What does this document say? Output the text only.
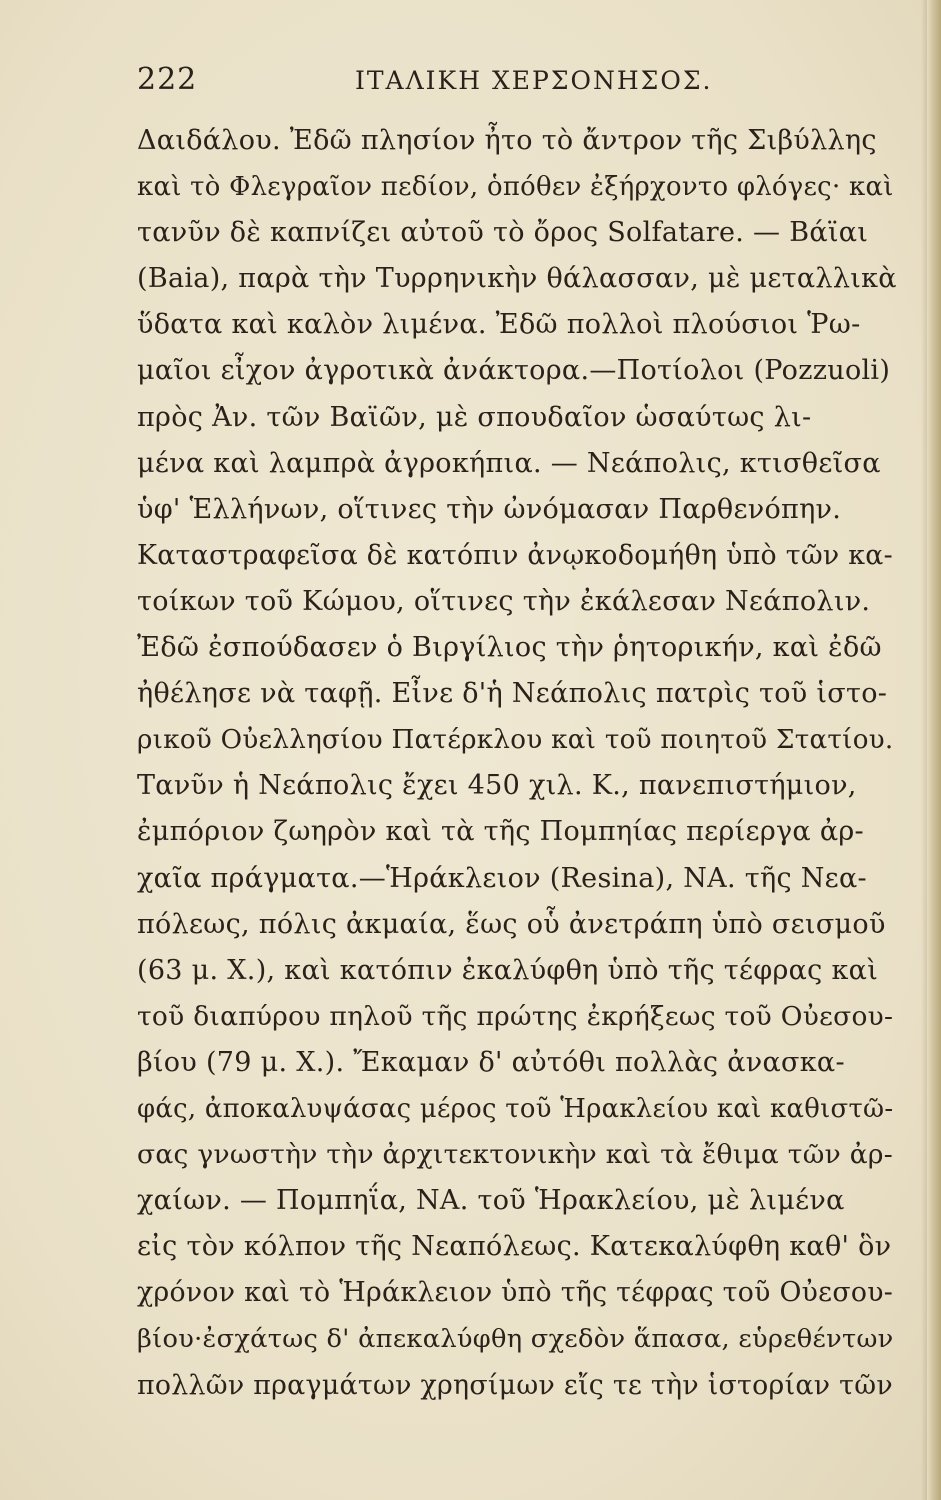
222	ΙΤΑΛΙΚΗ ΧΕΡΣΟΝΗΣΟΣ.
Δαιδάλου. Ἐδῶ πλησίον ἦτο τὸ ἄντρον τῆς Σιβύλλης
καὶ τὸ Φλεγραῖον πεδίον, ὁπόθεν ἐξήρχοντο φλόγες· καὶ
τανῦν δὲ καπνίζει αὐτοῦ τὸ ὄρος Solfatare. — Βάϊαι
(Baia), παρὰ τὴν Τυρρηνικὴν θάλασσαν, μὲ μεταλλικὰ
ὕδατα καὶ καλὸν λιμένα. Ἐδῶ πολλοὶ πλούσιοι Ῥω-
μαῖοι εἶχον ἀγροτικὰ ἀνάκτορα.—Ποτίολοι (Pozzuoli)
πρὸς Ἀν. τῶν Βαϊῶν, μὲ σπουδαῖον ὡσαύτως λι-
μένα καὶ λαμπρὰ ἀγροκήπια. — Νεάπολις, κτισθεῖσα
ὑφ' Ἑλλήνων, οἵτινες τὴν ὠνόμασαν Παρθενόπην.
Καταστραφεῖσα δὲ κατόπιν ἀνῳκοδομήθη ὑπὸ τῶν κα-
τοίκων τοῦ Κώμου, οἵτινες τὴν ἐκάλεσαν Νεάπολιν.
Ἐδῶ ἐσπούδασεν ὁ Βιργίλιος τὴν ῥητορικήν, καὶ ἐδῶ
ἠθέλησε νὰ ταφῇ. Εἶνε δ'ἡ Νεάπολις πατρὶς τοῦ ἱστο-
ρικοῦ Οὐελλησίου Πατέρκλου καὶ τοῦ ποιητοῦ Στατίου.
Τανῦν ἡ Νεάπολις ἔχει 450 χιλ. Κ., πανεπιστήμιον,
ἐμπόριον ζωηρὸν καὶ τὰ τῆς Πομπηίας περίεργα ἀρ-
χαῖα πράγματα.—Ἡράκλειον (Resina), ΝΑ. τῆς Νεα-
πόλεως, πόλις ἀκμαία, ἕως οὗ ἀνετράπη ὑπὸ σεισμοῦ
(63 μ. Χ.), καὶ κατόπιν ἐκαλύφθη ὑπὸ τῆς τέφρας καὶ
τοῦ διαπύρου πηλοῦ τῆς πρώτης ἐκρήξεως τοῦ Οὐεσου-
βίου (79 μ. Χ.). Ἔκαμαν δ' αὐτόθι πολλὰς ἀνασκα-
φάς, ἀποκαλυψάσας μέρος τοῦ Ἡρακλείου καὶ καθιστῶ-
σας γνωστὴν τὴν ἀρχιτεκτονικὴν καὶ τὰ ἔθιμα τῶν ἀρ-
χαίων. — Πομπηΐα, ΝΑ. τοῦ Ἡρακλείου, μὲ λιμένα
εἰς τὸν κόλπον τῆς Νεαπόλεως. Κατεκαλύφθη καθ' ὃν
χρόνον καὶ τὸ Ἡράκλειον ὑπὸ τῆς τέφρας τοῦ Οὐεσου-
βίου·ἐσχάτως δ' ἀπεκαλύφθη σχεδὸν ἅπασα, εὑρεθέντων
πολλῶν πραγμάτων χρησίμων εἴς τε τὴν ἱστορίαν τῶν
